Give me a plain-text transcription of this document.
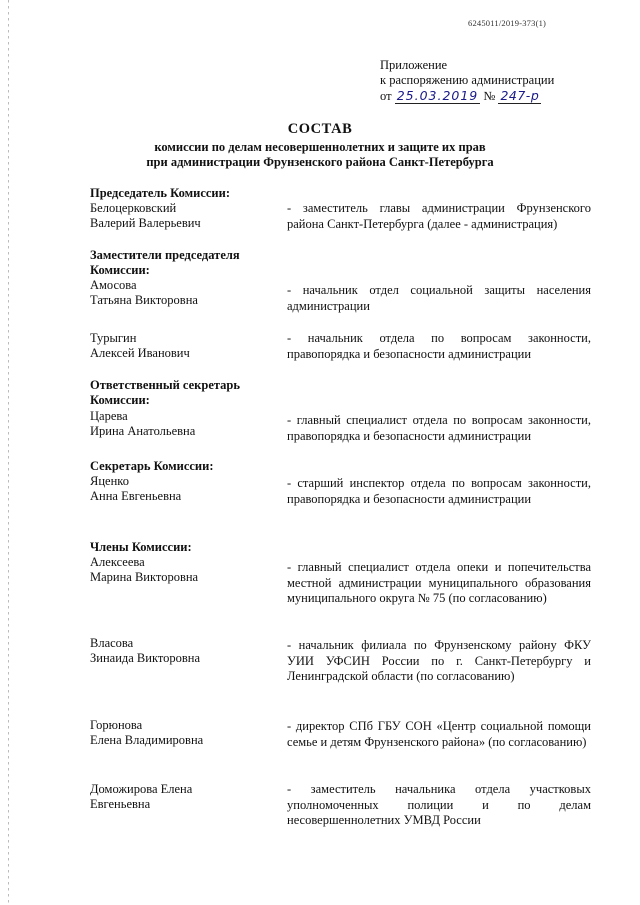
6245011/2019-373(1)
Приложение
к распоряжению администрации
от 25.03.2019 № 247-р
СОСТАВ
комиссии по делам несовершеннолетних и защите их прав
при администрации Фрунзенского района Санкт-Петербурга
Председатель Комиссии:
Белоцерковский
Валерий Валерьевич
- заместитель главы администрации Фрунзенского района Санкт-Петербурга (далее - администрация)
Заместители председателя Комиссии:
Амосова
Татьяна Викторовна
- начальник отдел социальной защиты населения администрации
Турыгин
Алексей Иванович
- начальник отдела по вопросам законности, правопорядка и безопасности администрации
Ответственный секретарь Комиссии:
Царева
Ирина Анатольевна
- главный специалист отдела по вопросам законности, правопорядка и безопасности администрации
Секретарь Комиссии:
Яценко
Анна Евгеньевна
- старший инспектор отдела по вопросам законности, правопорядка и безопасности администрации
Члены Комиссии:
Алексеева
Марина Викторовна
- главный специалист отдела опеки и попечительства местной администрации муниципального образования муниципального округа № 75 (по согласованию)
Власова
Зинаида Викторовна
- начальник филиала по Фрунзенскому району ФКУ УИИ УФСИН России по г. Санкт-Петербургу и Ленинградской области (по согласованию)
Горюнова
Елена Владимировна
- директор СПб ГБУ СОН «Центр социальной помощи семье и детям Фрунзенского района» (по согласованию)
Доможирова Елена
Евгеньевна
- заместитель начальника отдела участковых уполномоченных полиции и по делам несовершеннолетних УМВД России
